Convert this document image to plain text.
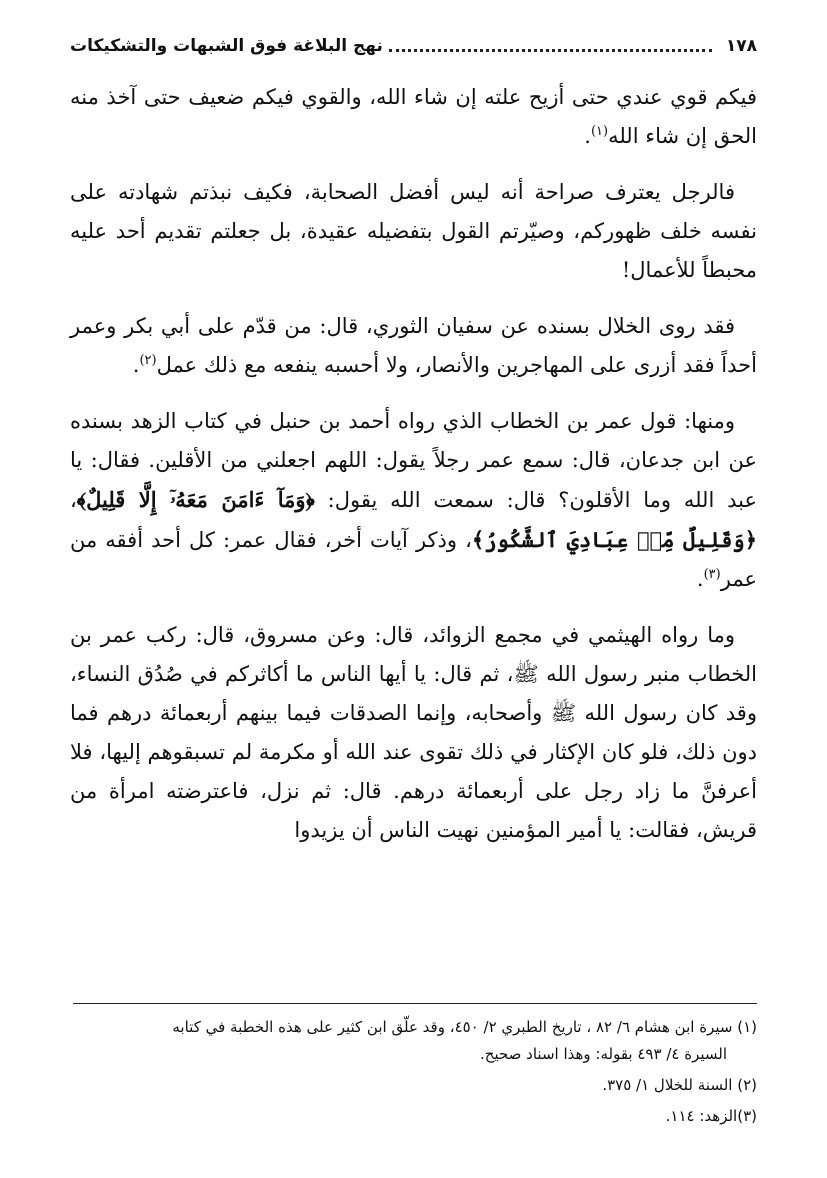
١٧٨
نهج البلاغة فوق الشبهات والتشكيكات

فيكم قوي عندي حتى أزيح علته إن شاء الله، والقوي فيكم ضعيف حتى آخذ منه الحق إن شاء الله$^{(١)}$.

فالرجل يعترف صراحة أنه ليس أفضل الصحابة، فكيف نبذتم شهادته على نفسه خلف ظهوركم، وصيّرتم القول بتفضيله عقيدة، بل جعلتم تقديم أحد عليه محبطاً للأعمال!

فقد روى الخلال بسنده عن سفيان الثوري، قال: من قدّم على أبي بكر وعمر أحداً فقد أزرى على المهاجرين والأنصار، ولا أحسبه ينفعه مع ذلك عمل$^{(٢)}$.

ومنها: قول عمر بن الخطاب الذي رواه أحمد بن حنبل في كتاب الزهد بسنده عن ابن جدعان، قال: سمع عمر رجلاً يقول: اللهم اجعلني من الأقلين. فقال: يا عبد الله وما الأقلون؟ قال: سمعت الله يقول: ﴿وَمَآ ءَامَنَ مَعَهُۥٓ إِلَّا قَلِيلٌ﴾، ﴿وَقَلِيلٌ مِّنۡ عِبَادِيَ ٱلشَّكُورُ﴾، وذكر آيات أخر، فقال عمر: كل أحد أفقه من عمر$^{(٣)}$.

وما رواه الهيثمي في مجمع الزوائد، قال: وعن مسروق، قال: ركب عمر بن الخطاب منبر رسول الله ﷺ، ثم قال: يا أيها الناس ما أكاثركم في صُدُق النساء، وقد كان رسول الله ﷺ وأصحابه، وإنما الصدقات فيما بينهم أربعمائة درهم فما دون ذلك، فلو كان الإكثار في ذلك تقوى عند الله أو مكرمة لم تسبقوهم إليها، فلا أعرفنَّ ما زاد رجل على أربعمائة درهم. قال: ثم نزل، فاعترضته امرأة من قريش، فقالت: يا أمير المؤمنين نهيت الناس أن يزيدوا

(١) سيرة ابن هشام ٦/ ٨٢ ، تاريخ الطبري ٢/ ٤٥٠، وقد علّق ابن كثير على هذه الخطبة في كتابه
السيرة ٤/ ٤٩٣ بقوله: وهذا اسناد صحيح.
(٢) السنة للخلال ١/ ٣٧٥.
(٣)الزهد: ١١٤.
